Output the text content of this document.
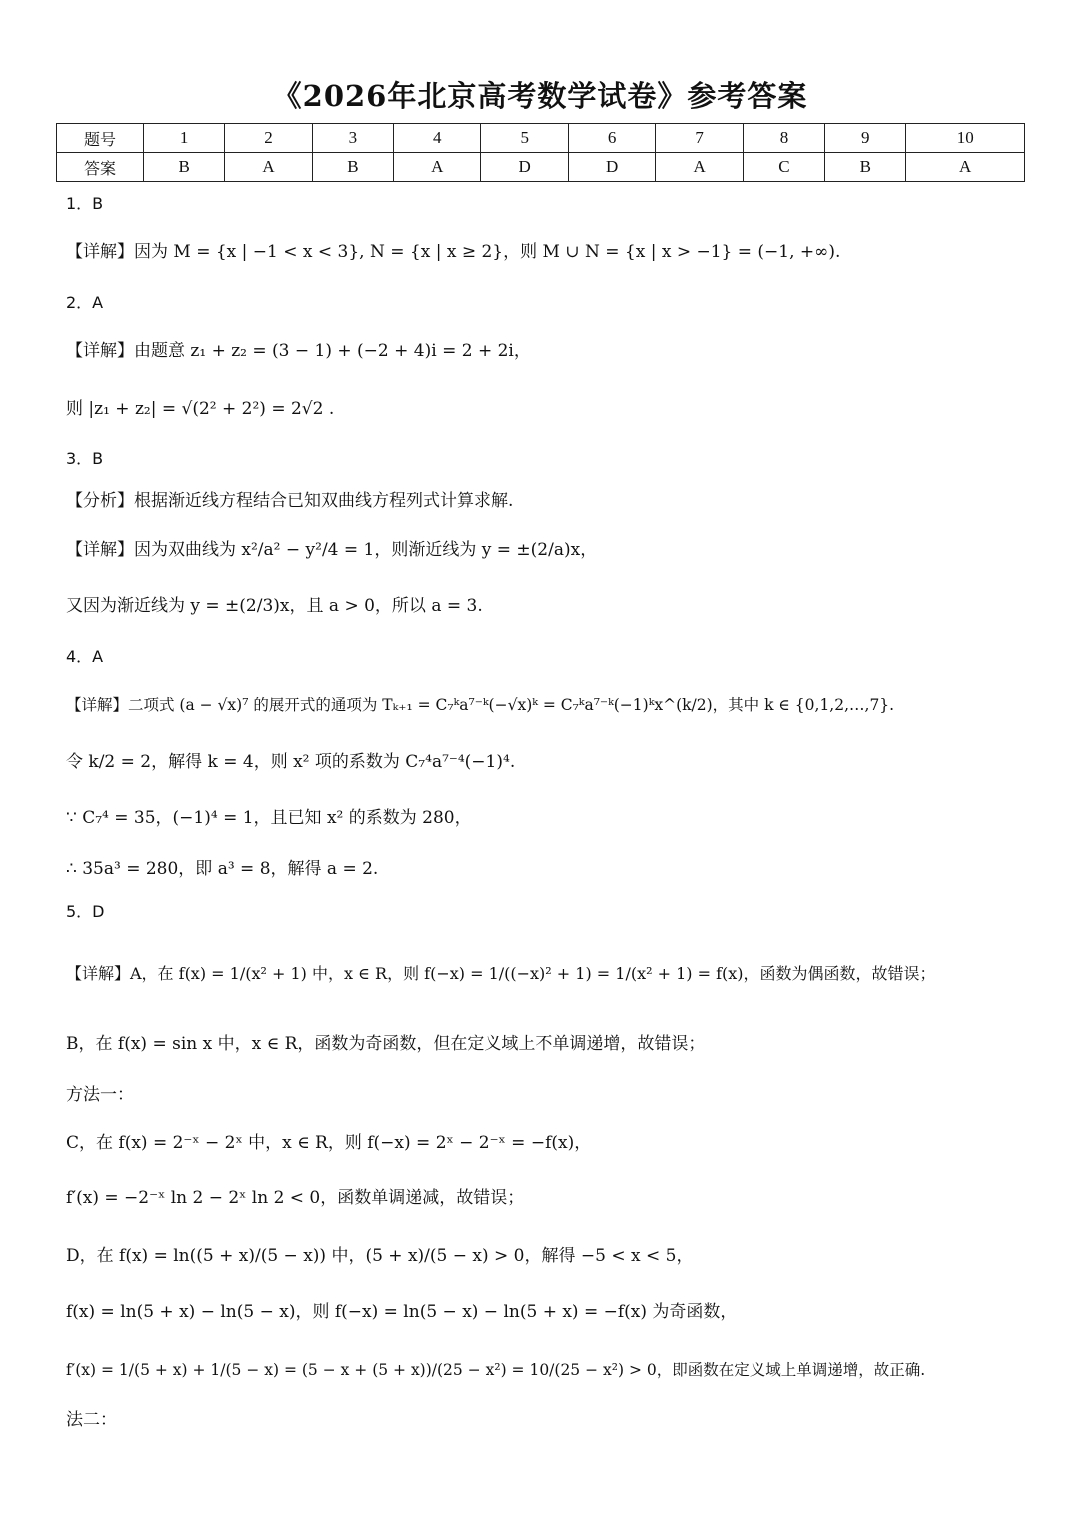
《2026年北京高考数学试卷》参考答案
题号	1	2	3	4	5	6	7	8	9	10
答案	B	A	B	A	D	D	A	C	B	A
1．B
【详解】因为 M = {x | −1 < x < 3}, N = {x | x ≥ 2}，则 M ∪ N = {x | x > −1} = (−1, +∞).
2．A
【详解】由题意 z₁ + z₂ = (3 − 1) + (−2 + 4)i = 2 + 2i，
则 |z₁ + z₂| = √(2² + 2²) = 2√2 .
3．B
【分析】根据渐近线方程结合已知双曲线方程列式计算求解.
【详解】因为双曲线为 x²/a² − y²/4 = 1，则渐近线为 y = ±(2/a)x，
又因为渐近线为 y = ±(2/3)x，且 a > 0，所以 a = 3.
4．A
【详解】二项式 (a − √x)⁷ 的展开式的通项为 Tₖ₊₁ = C₇ᵏa⁷⁻ᵏ(−√x)ᵏ = C₇ᵏa⁷⁻ᵏ(−1)ᵏx^(k/2)，其中 k ∈ {0,1,2,…,7}.
令 k/2 = 2，解得 k = 4，则 x² 项的系数为 C₇⁴a⁷⁻⁴(−1)⁴.
∵ C₇⁴ = 35，(−1)⁴ = 1，且已知 x² 的系数为 280，
∴ 35a³ = 280，即 a³ = 8，解得 a = 2.
5．D
【详解】A，在 f(x) = 1/(x² + 1) 中，x ∈ R，则 f(−x) = 1/((−x)² + 1) = 1/(x² + 1) = f(x)，函数为偶函数，故错误；
B，在 f(x) = sin x 中，x ∈ R，函数为奇函数，但在定义域上不单调递增，故错误；
方法一：
C，在 f(x) = 2⁻ˣ − 2ˣ 中，x ∈ R，则 f(−x) = 2ˣ − 2⁻ˣ = −f(x)，
f′(x) = −2⁻ˣ ln 2 − 2ˣ ln 2 < 0，函数单调递减，故错误；
D，在 f(x) = ln((5 + x)/(5 − x)) 中，(5 + x)/(5 − x) > 0，解得 −5 < x < 5，
f(x) = ln(5 + x) − ln(5 − x)，则 f(−x) = ln(5 − x) − ln(5 + x) = −f(x) 为奇函数，
f′(x) = 1/(5 + x) + 1/(5 − x) = (5 − x + (5 + x))/(25 − x²) = 10/(25 − x²) > 0，即函数在定义域上单调递增，故正确.
法二：
